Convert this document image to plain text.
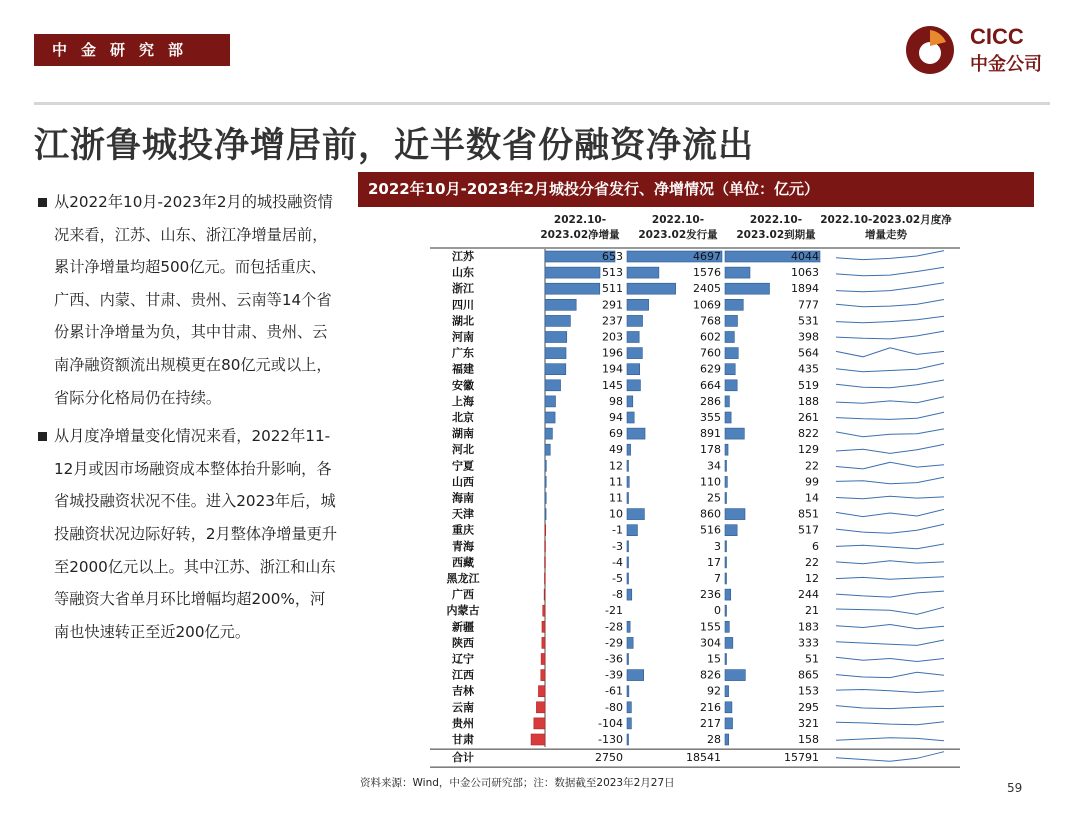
中金研究部
CICC
中金公司
江浙鲁城投净增居前，近半数省份融资净流出
从2022年10月-2023年2月的城投融资情况来看，江苏、山东、浙江净增量居前，累计净增量均超500亿元。而包括重庆、广西、内蒙、甘肃、贵州、云南等14个省份累计净增量为负，其中甘肃、贵州、云南净融资额流出规模更在80亿元或以上，省际分化格局仍在持续。
从月度净增量变化情况来看，2022年11-12月或因市场融资成本整体抬升影响，各省城投融资状况不佳。进入2023年后，城投融资状况边际好转，2月整体净增量更升至2000亿元以上。其中江苏、浙江和山东等融资大省单月环比增幅均超200%，河南也快速转正至近200亿元。
2022年10月-2023年2月城投分省发行、净增情况（单位：亿元）
2022.10-
2023.02净增量
2022.10-
2023.02发行量
2022.10-
2023.02到期量
2022.10-2023.02月度净
增量走势
江苏	653	4697	4044
山东	513	1576	1063
浙江	511	2405	1894
四川	291	1069	777
湖北	237	768	531
河南	203	602	398
广东	196	760	564
福建	194	629	435
安徽	145	664	519
上海	98	286	188
北京	94	355	261
湖南	69	891	822
河北	49	178	129
宁夏	12	34	22
山西	11	110	99
海南	11	25	14
天津	10	860	851
重庆	-1	516	517
青海	-3	3	6
西藏	-4	17	22
黑龙江	-5	7	12
广西	-8	236	244
内蒙古	-21	0	21
新疆	-28	155	183
陕西	-29	304	333
辽宁	-36	15	51
江西	-39	826	865
吉林	-61	92	153
云南	-80	216	295
贵州	-104	217	321
甘肃	-130	28	158
合计	2750	18541	15791
资料来源：Wind，中金公司研究部；注：数据截至2023年2月27日	59
